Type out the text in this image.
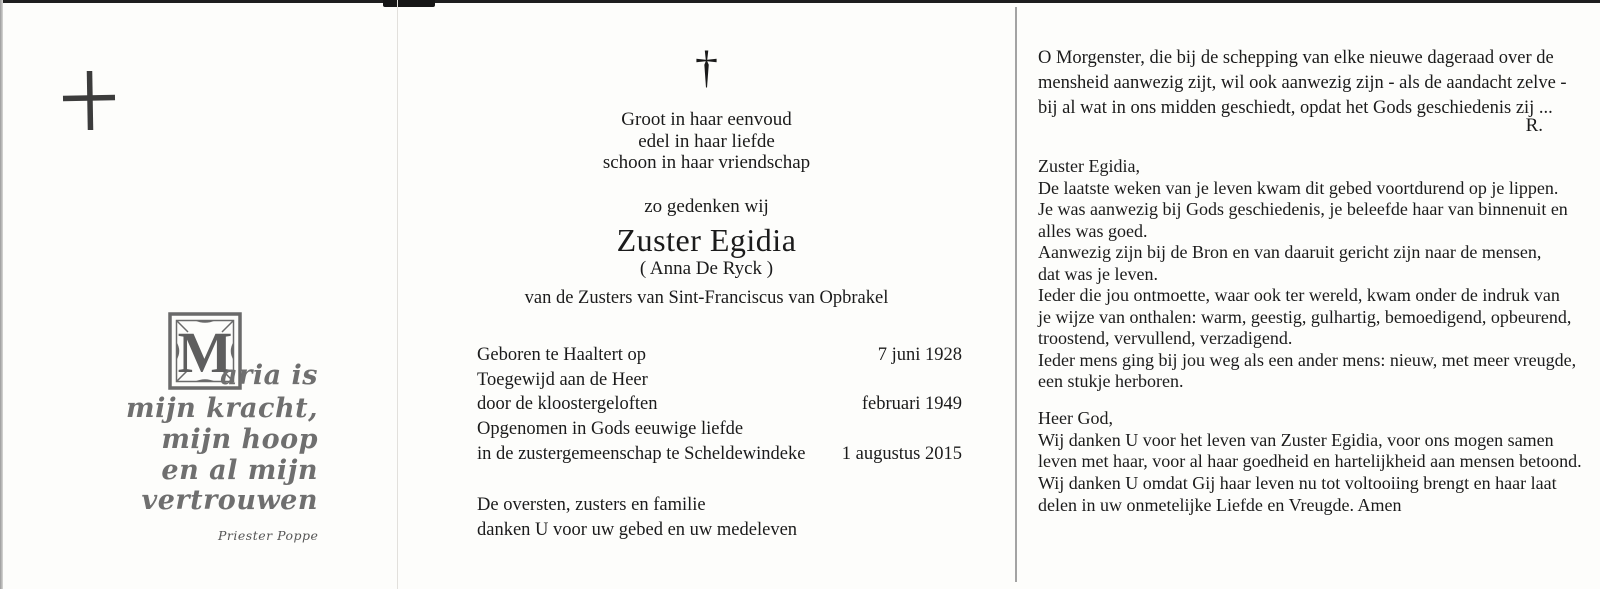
M
aria is
mijn kracht,
mijn hoop
en al mijn
vertrouwen
Priester Poppe
†
Groot in haar eenvoud
edel in haar liefde
schoon in haar vriendschap
zo gedenken wij
Zuster Egidia
( Anna De Ryck )
van de Zusters van Sint-Franciscus van Opbrakel
Geboren te Haaltert op	7 juni 1928
Toegewijd aan de Heer
door de kloostergeloften	februari 1949
Opgenomen in Gods eeuwige liefde
in de zustergemeenschap te Scheldewindeke 1 augustus 2015
De oversten, zusters en familie
danken U voor uw gebed en uw medeleven
O Morgenster, die bij de schepping van elke nieuwe dageraad over de
mensheid aanwezig zijt, wil ook aanwezig zijn - als de aandacht zelve -
bij al wat in ons midden geschiedt, opdat het Gods geschiedenis zij ...
R.
Zuster Egidia,
De laatste weken van je leven kwam dit gebed voortdurend op je lippen.
Je was aanwezig bij Gods geschiedenis, je beleefde haar van binnenuit en
alles was goed.
Aanwezig zijn bij de Bron en van daaruit gericht zijn naar de mensen,
dat was je leven.
Ieder die jou ontmoette, waar ook ter wereld, kwam onder de indruk van
je wijze van onthalen: warm, geestig, gulhartig, bemoedigend, opbeurend,
troostend, vervullend, verzadigend.
Ieder mens ging bij jou weg als een ander mens: nieuw, met meer vreugde,
een stukje herboren.
Heer God,
Wij danken U voor het leven van Zuster Egidia, voor ons mogen samen
leven met haar, voor al haar goedheid en hartelijkheid aan mensen betoond.
Wij danken U omdat Gij haar leven nu tot voltooiing brengt en haar laat
delen in uw onmetelijke Liefde en Vreugde. Amen
